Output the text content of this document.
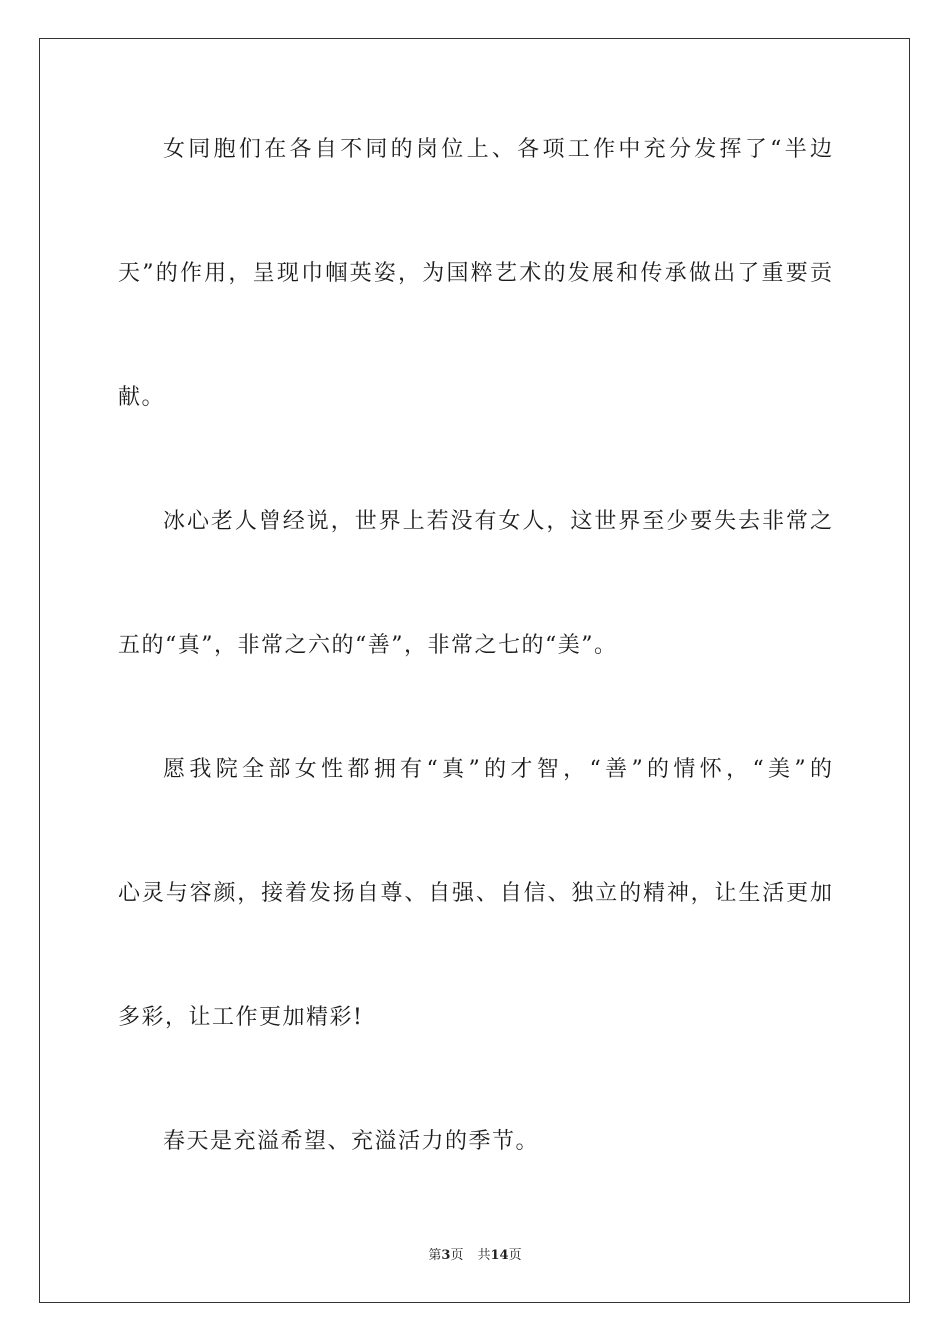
女同胞们在各自不同的岗位上、各项工作中充分发挥了“半边
天”的作用，呈现巾帼英姿，为国粹艺术的发展和传承做出了重要贡
献。
冰心老人曾经说，世界上若没有女人，这世界至少要失去非常之
五的“真”，非常之六的“善”，非常之七的“美”。
愿我院全部女性都拥有“真”的才智，“善”的情怀，“美”的
心灵与容颜，接着发扬自尊、自强、自信、独立的精神，让生活更加
多彩，让工作更加精彩!
春天是充溢希望、充溢活力的季节。
第3页 共14页
